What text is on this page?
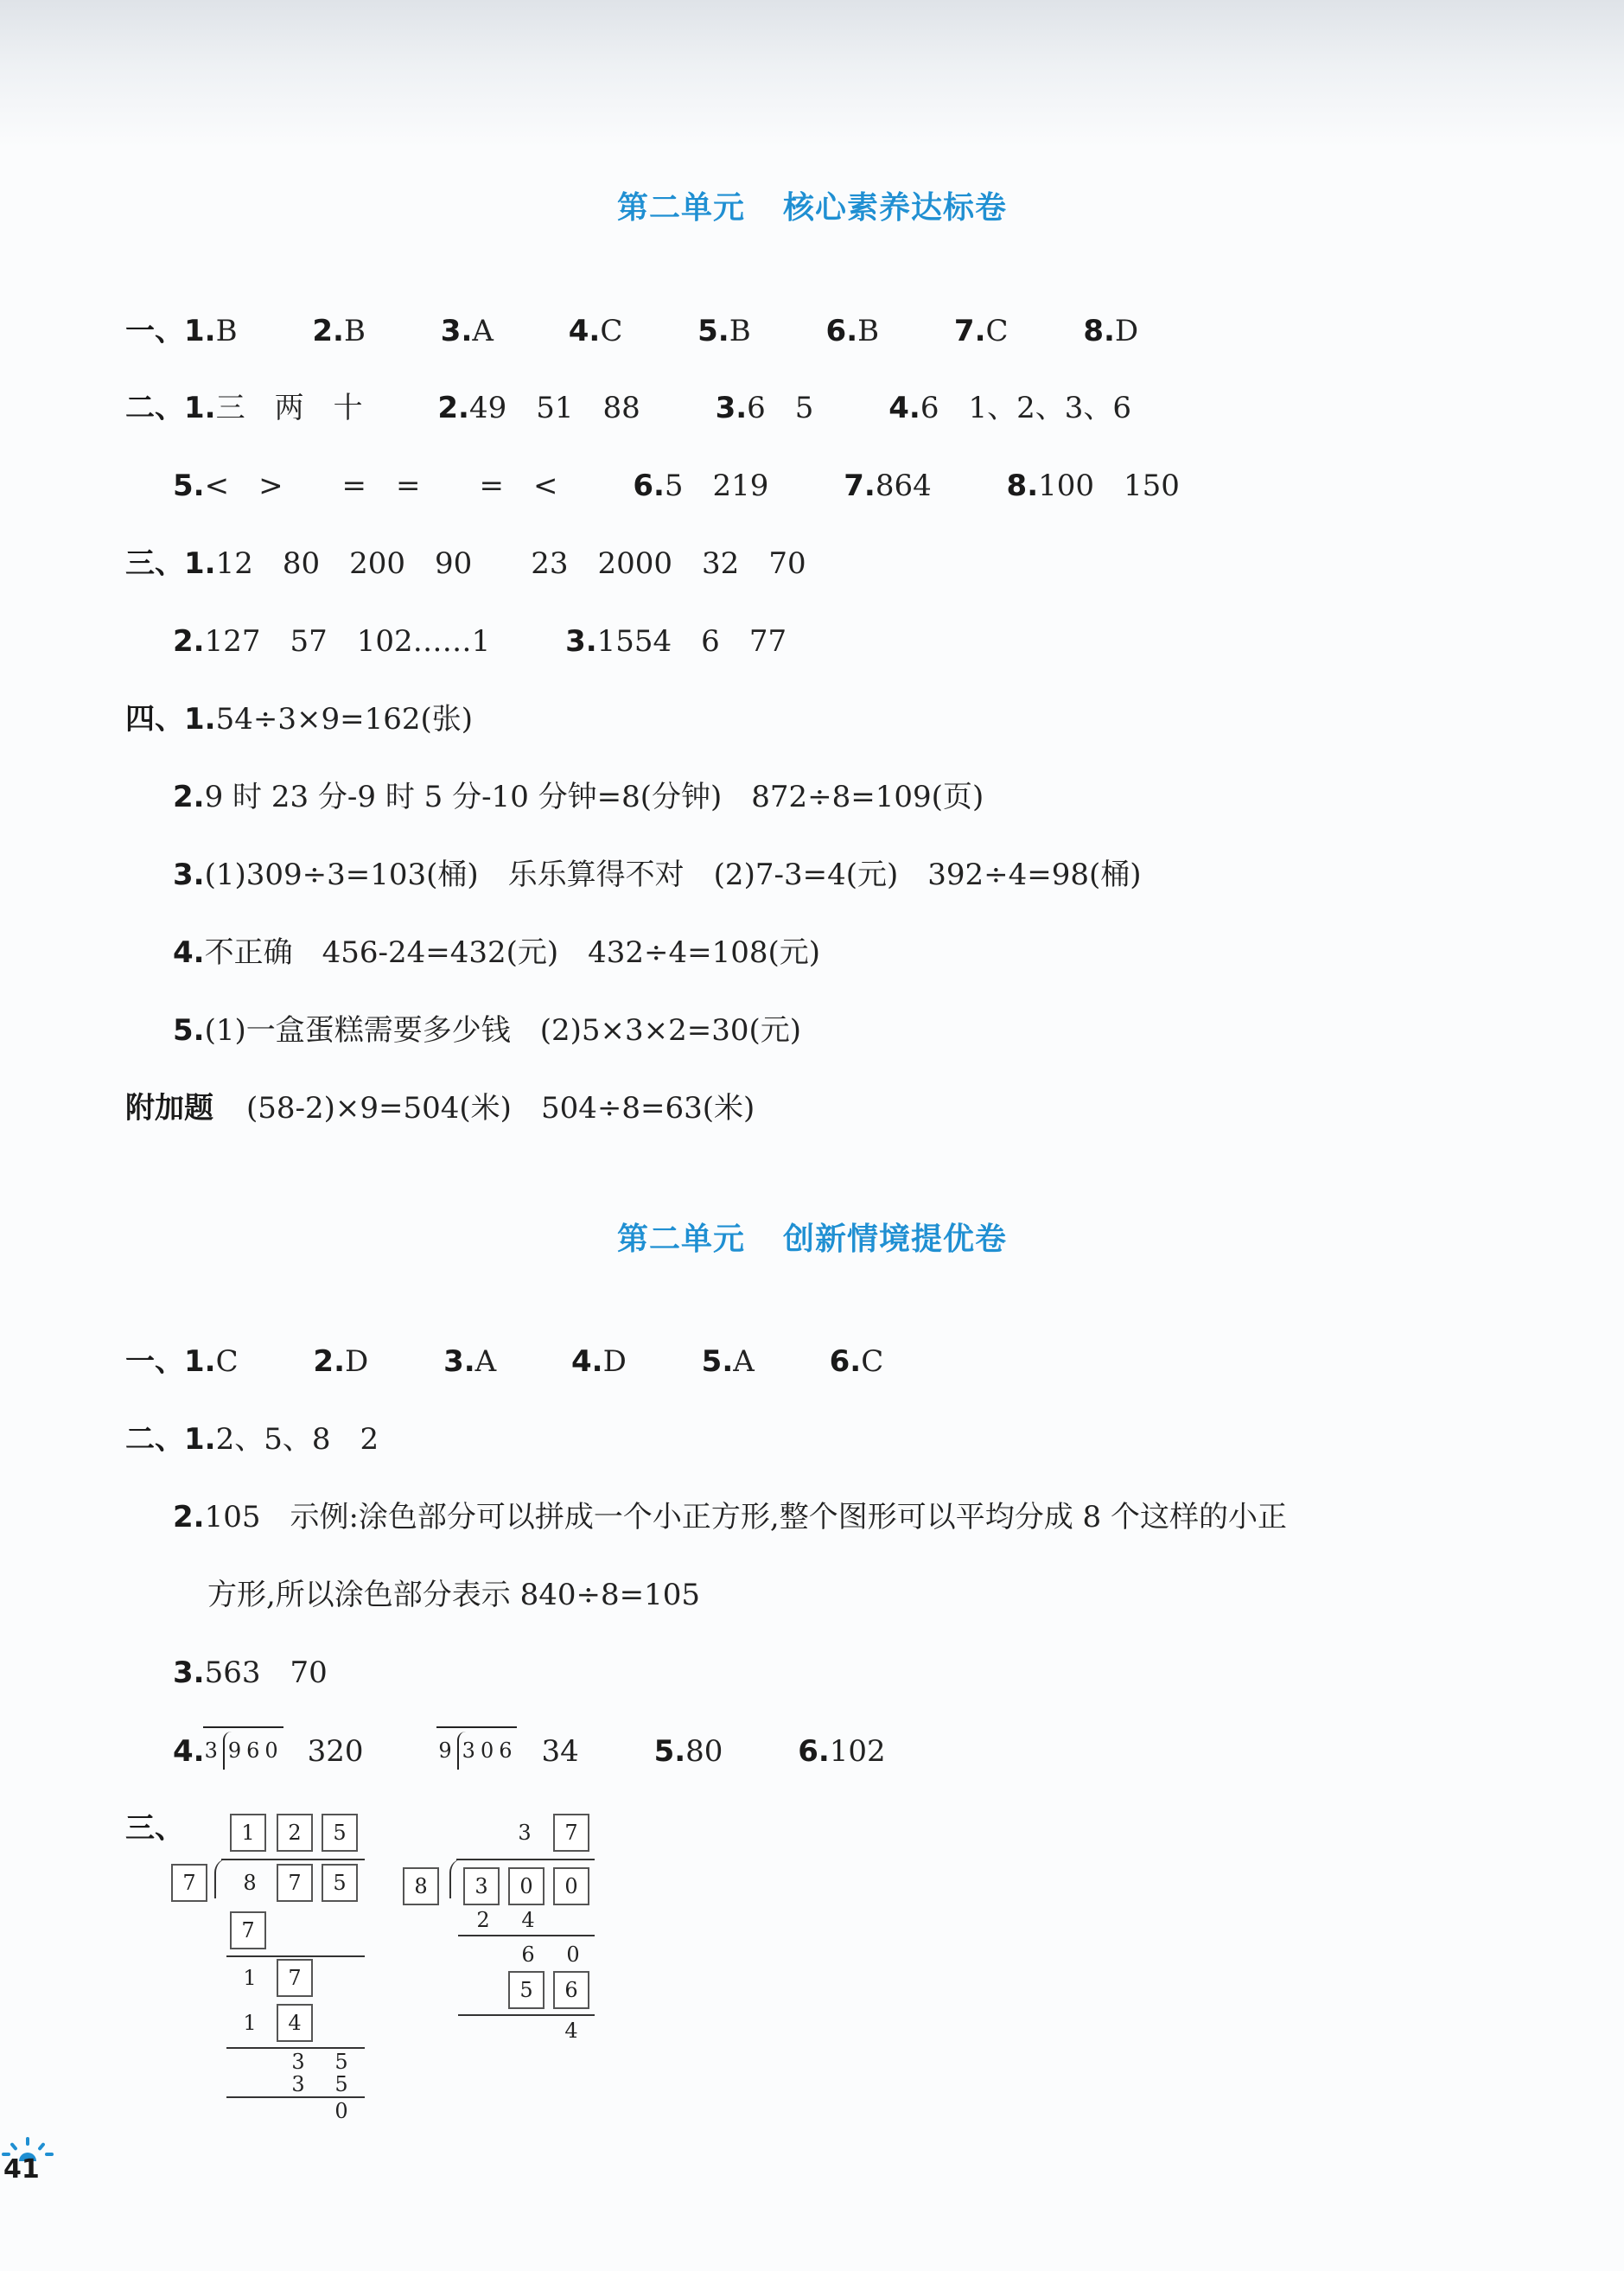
第二单元 核心素养达标卷
一、1.B	2.B	3.A	4.C	5.B	6.B	7.C	8.D
二、1.三　两　十	2.49　51　88	3.6　5	4.6　1、2、3、6
5.<　>　　=　=　　=　<	6.5　219	7.864	8.100　150
三、1.12　80　200　90　　23　2000　32　70
2.127　57　102……1	3.1554　6　77
四、1.54÷3×9=162(张)
2.9 时 23 分-9 时 5 分-10 分钟=8(分钟)　872÷8=109(页)
3.(1)309÷3=103(桶)　乐乐算得不对　(2)7-3=4(元)　392÷4=98(桶)
4.不正确　456-24=432(元)　432÷4=108(元)
5.(1)一盒蛋糕需要多少钱　(2)5×3×2=30(元)
附加题 (58-2)×9=504(米)　504÷8=63(米)
第二单元 创新情境提优卷
一、1.C	2.D	3.A	4.D	5.A	6.C
二、1.2、5、8　2
2.105　示例:涂色部分可以拼成一个小正方形,整个图形可以平均分成 8 个这样的小正
方形,所以涂色部分表示 840÷8=105
3.563　70
4.
3 960 320	9 306 34	5.80	6.102
三、	1	2	5
7	8	7	5
7
1	7
1	4
3	5
3	5
0
3	7
8	3	0	0
2	4
6	0
5	6
4
41
